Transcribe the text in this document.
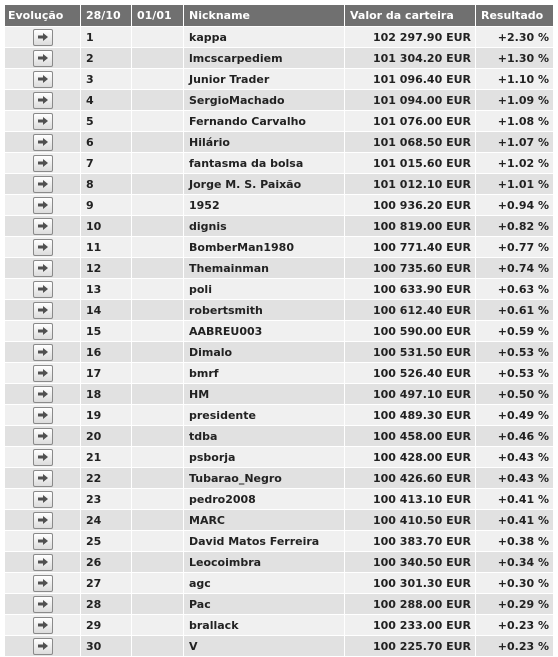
Evolução	28/10	01/01	Nickname	Valor da carteira	Resultado

	1		kappa	102 297.90 EUR	+2.30 %

	2		lmcscarpediem	101 304.20 EUR	+1.30 %

	3		Junior Trader	101 096.40 EUR	+1.10 %

	4		SergioMachado	101 094.00 EUR	+1.09 %

	5		Fernando Carvalho	101 076.00 EUR	+1.08 %

	6		Hilário	101 068.50 EUR	+1.07 %

	7		fantasma da bolsa	101 015.60 EUR	+1.02 %

	8		Jorge M. S. Paixão	101 012.10 EUR	+1.01 %

	9		1952	100 936.20 EUR	+0.94 %

	10		dignis	100 819.00 EUR	+0.82 %

	11		BomberMan1980	100 771.40 EUR	+0.77 %

	12		Themainman	100 735.60 EUR	+0.74 %

	13		poli	100 633.90 EUR	+0.63 %

	14		robertsmith	100 612.40 EUR	+0.61 %

	15		AABREU003	100 590.00 EUR	+0.59 %

	16		Dimalo	100 531.50 EUR	+0.53 %

	17		bmrf	100 526.40 EUR	+0.53 %

	18		HM	100 497.10 EUR	+0.50 %

	19		presidente	100 489.30 EUR	+0.49 %

	20		tdba	100 458.00 EUR	+0.46 %

	21		psborja	100 428.00 EUR	+0.43 %

	22		Tubarao_Negro	100 426.60 EUR	+0.43 %

	23		pedro2008	100 413.10 EUR	+0.41 %

	24		MARC	100 410.50 EUR	+0.41 %

	25		David Matos Ferreira	100 383.70 EUR	+0.38 %

	26		Leocoimbra	100 340.50 EUR	+0.34 %

	27		agc	100 301.30 EUR	+0.30 %

	28		Pac	100 288.00 EUR	+0.29 %

	29		brallack	100 233.00 EUR	+0.23 %

	30		V	100 225.70 EUR	+0.23 %
